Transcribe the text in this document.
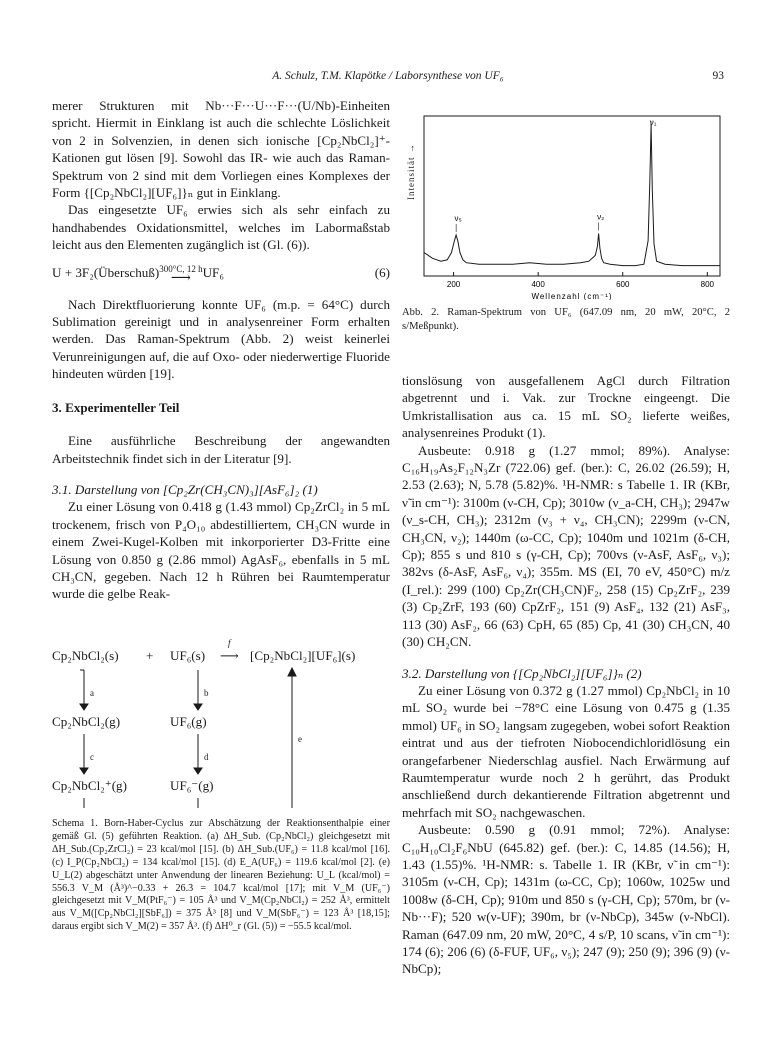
A. Schulz, T.M. Klapötke / Laborsynthese von UF₆	93

merer Strukturen mit Nb···F···U···F···(U/Nb)-Einheiten spricht. Hiermit in Einklang ist auch die schlechte Löslichkeit von 2 in Solvenzien, in denen sich ionische [Cp₂NbCl₂]⁺-Kationen gut lösen [9]. Sowohl das IR- wie auch das Raman-Spektrum von 2 sind mit dem Vorliegen eines Komplexes der Form {[Cp₂NbCl₂][UF₆]}ₙ gut in Einklang.

Das eingesetzte UF₆ erwies sich als sehr einfach zu handhabendes Oxidationsmittel, welches im Labormaßstab leicht aus den Elementen zugänglich ist (Gl. (6)).

U + 3F₂(Überschuß) 300°C, 12 h
⟶ UF₆	(6)

Nach Direktfluorierung konnte UF₆ (m.p. = 64°C) durch Sublimation gereinigt und in analysenreiner Form erhalten werden. Das Raman-Spektrum (Abb. 2) weist keinerlei Verunreinigungen auf, die auf Oxo- oder niederwertige Fluoride hindeuten würden [19].

3. Experimenteller Teil

Eine ausführliche Beschreibung der angewandten Arbeitstechnik findet sich in der Literatur [9].

3.1. Darstellung von [Cp₂Zr(CH₃CN)₃][AsF₆]₂ (1)

Zu einer Lösung von 0.418 g (1.43 mmol) Cp₂ZrCl₂ in 5 mL trockenem, frisch von P₄O₁₀ abdestilliertem, CH₃CN wurde in einem Zwei-Kugel-Kolben mit inkorporierter D3-Fritte eine Lösung von 0.850 g (2.86 mmol) AgAsF₆, ebenfalls in 5 mL CH₃CN, gegeben. Nach 12 h Rühren bei Raumtemperatur wurde die gelbe Reak-

Cp₂NbCl₂(s) + UF₆(s)
f
⟶ [Cp₂NbCl₂][UF₆](s)
Cp₂NbCl₂(g)	UF₆(g)
Cp₂NbCl₂⁺(g)	UF₆⁻(g)
a	b
c	d
e
Schema 1. Born-Haber-Cyclus zur Abschätzung der Reaktionsenthalpie einer gemäß Gl. (5) geführten Reaktion. (a) ΔH_Sub. (Cp₂NbCl₂) gleichgesetzt mit ΔH_Sub.(Cp₂ZrCl₂) = 23 kcal/mol [15]. (b) ΔH_Sub.(UF₆) = 11.8 kcal/mol [16]. (c) I_P(Cp₂NbCl₂) = 134 kcal/mol [15]. (d) E_A(UF₆) = 119.6 kcal/mol [2]. (e) U_L(2) abgeschätzt unter Anwendung der linearen Beziehung: U_L (kcal/mol) = 556.3 V_M (Å³)^−0.33 + 26.3 = 104.7 kcal/mol [17]; mit V_M (UF₆⁻) gleichgesetzt mit V_M(PtF₆⁻) = 105 Å³ und V_M(Cp₂NbCl₂) = 252 Å³, ermittelt aus V_M([Cp₂NbCl₂][SbF₆]) = 375 Å³ [8] und V_M(SbF₆⁻) = 123 Å³ [18,15]; daraus ergibt sich V_M(2) = 357 Å³. (f) ΔH⁰_r (Gl. (5)) = −55.5 kcal/mol.
Intensität →
200	400	600	800
Wellenzahl (cm⁻¹)
ν₅	ν₂
ν₁
Abb. 2. Raman-Spektrum von UF₆ (647.09 nm, 20 mW, 20°C, 2 s/Meßpunkt).

tionslösung von ausgefallenem AgCl durch Filtration abgetrennt und i. Vak. zur Trockne eingeengt. Die Umkristallisation aus ca. 15 mL SO₂ lieferte weißes, analysenreines Produkt (1).

Ausbeute: 0.918 g (1.27 mmol; 89%). Analyse: C₁₆H₁₉As₂F₁₂N₃Zr (722.06) gef. (ber.): C, 26.02 (26.59); H, 2.53 (2.63); N, 5.78 (5.82)%. ¹H-NMR: s Tabelle 1. IR (KBr, ν̃ in cm⁻¹): 3100m (ν-CH, Cp); 3010w (ν_a-CH, CH₃); 2947w (ν_s-CH, CH₃); 2312m (ν₃ + ν₄, CH₃CN); 2299m (ν-CN, CH₃CN, ν₂); 1440m (ω-CC, Cp); 1040m und 1021m (δ-CH, Cp); 855 s und 810 s (γ-CH, Cp); 700vs (ν-AsF, AsF₆, ν₃); 382vs (δ-AsF, AsF₆, ν₄); 355m. MS (EI, 70 eV, 450°C) m/z (I_rel.): 299 (100) Cp₂Zr(CH₃CN)F₂, 258 (15) Cp₂ZrF₂, 239 (3) Cp₂ZrF, 193 (60) CpZrF₂, 151 (9) AsF₄, 132 (21) AsF₃, 113 (30) AsF₂, 66 (63) CpH, 65 (85) Cp, 41 (30) CH₃CN, 40 (30) CH₂CN.

3.2. Darstellung von {[Cp₂NbCl₂][UF₆]}ₙ (2)

Zu einer Lösung von 0.372 g (1.27 mmol) Cp₂NbCl₂ in 10 mL SO₂ wurde bei −78°C eine Lösung von 0.475 g (1.35 mmol) UF₆ in SO₂ langsam zugegeben, wobei sofort Reaktion eintrat und aus der tiefroten Niobocendichloridlösung ein orangefarbener Niederschlag ausfiel. Nach Erwärmung auf Raumtemperatur wurde noch 2 h gerührt, das Produkt anschließend durch dekantierende Filtration abgetrennt und mehrfach mit SO₂ nachgewaschen.

Ausbeute: 0.590 g (0.91 mmol; 72%). Analyse: C₁₀H₁₀Cl₂F₆NbU (645.82) gef. (ber.): C, 14.85 (14.56); H, 1.43 (1.55)%. ¹H-NMR: s. Tabelle 1. IR (KBr, ν̃ in cm⁻¹): 3105m (ν-CH, Cp); 1431m (ω-CC, Cp); 1060w, 1025w und 1008w (δ-CH, Cp); 910m und 850 s (γ-CH, Cp); 570m, br (ν-Nb···F); 520 w(ν-UF); 390m, br (ν-NbCp), 345w (ν-NbCl). Raman (647.09 nm, 20 mW, 20°C, 4 s/P, 10 scans, ν̃ in cm⁻¹): 174 (6); 206 (6) (δ-FUF, UF₆, ν₅); 247 (9); 250 (9); 396 (9) (ν-NbCp);
